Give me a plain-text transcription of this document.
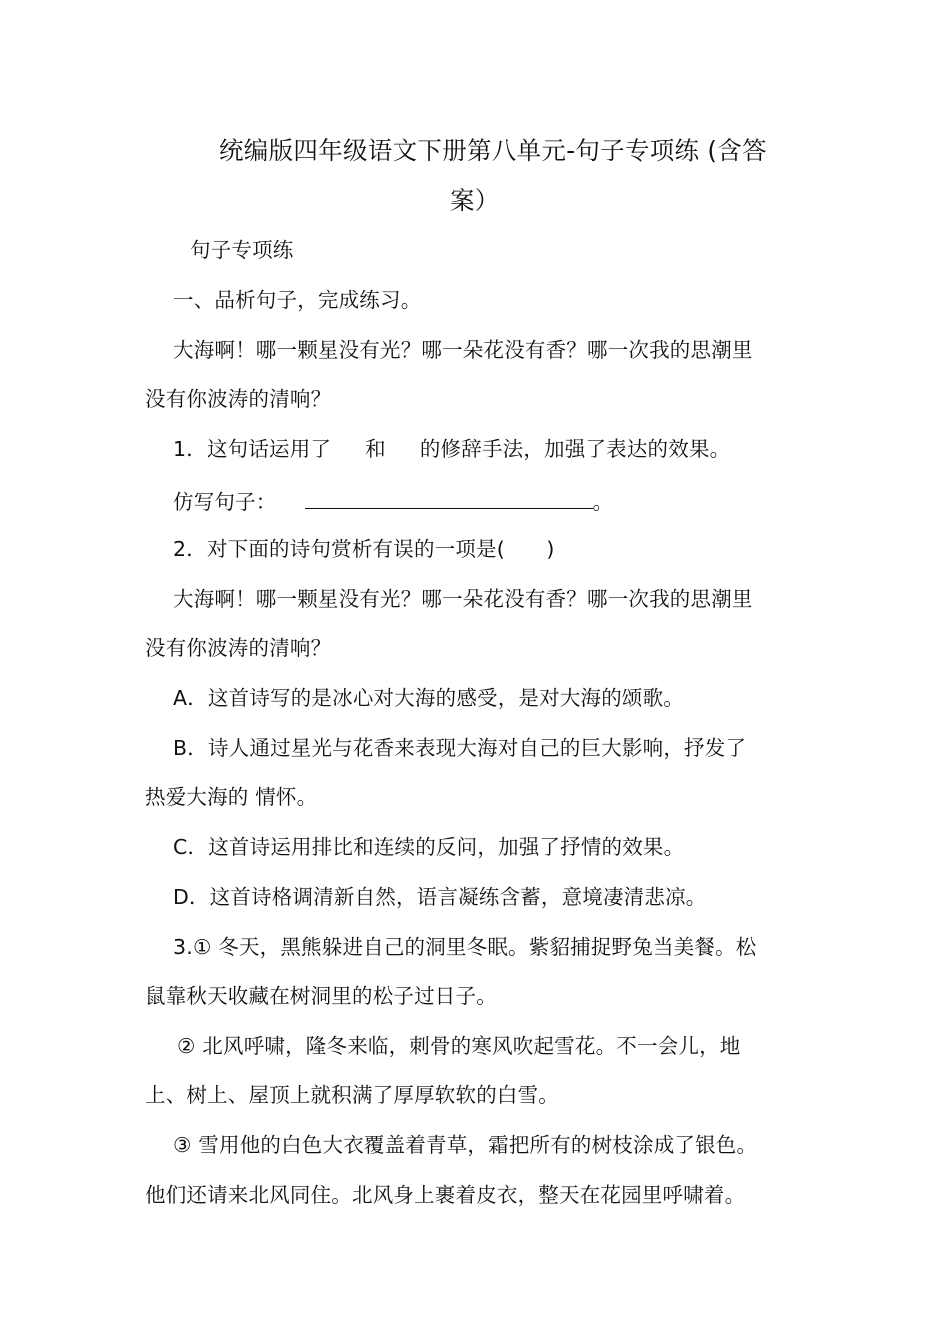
统编版四年级语文下册第八单元-句子专项练 (含答
案）
句子专项练
一、品析句子，完成练习。
大海啊！哪一颗星没有光？哪一朵花没有香？哪一次我的思潮里
没有你波涛的清响？
1．这句话运用了 和 的修辞手法，加强了表达的效果。
仿写句子：	。
2．对下面的诗句赏析有误的一项是(　　)
大海啊！哪一颗星没有光？哪一朵花没有香？哪一次我的思潮里
没有你波涛的清响？
A．这首诗写的是冰心对大海的感受，是对大海的颂歌。
B．诗人通过星光与花香来表现大海对自己的巨大影响，抒发了
热爱大海的 情怀。
C．这首诗运用排比和连续的反问，加强了抒情的效果。
D．这首诗格调清新自然，语言凝练含蓄，意境凄清悲凉。
3.① 冬天，黑熊躲进自己的洞里冬眠。紫貂捕捉野兔当美餐。松
鼠靠秋天收藏在树洞里的松子过日子。
② 北风呼啸，隆冬来临，刺骨的寒风吹起雪花。不一会儿，地
上、树上、屋顶上就积满了厚厚软软的白雪。
③ 雪用他的白色大衣覆盖着青草，霜把所有的树枝涂成了银色。
他们还请来北风同住。北风身上裹着皮衣，整天在花园里呼啸着。
